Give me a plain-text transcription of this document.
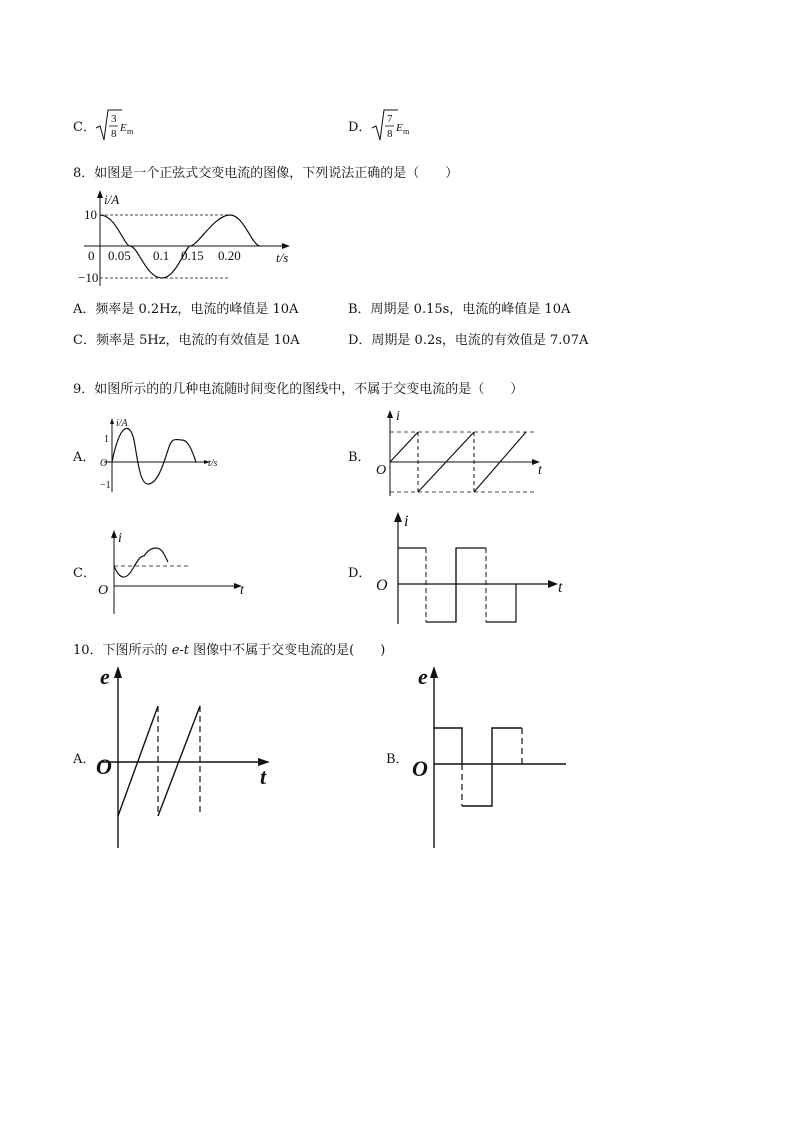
C．
3
8 E m	D．
7
8 E m
8．如图是一个正弦式交变电流的图像，下列说法正确的是（　　）
i/A
10
−10
0 0.05 0.1 0.15 0.20	t/s
A．频率是 0.2Hz，电流的峰值是 10A	B．周期是 0.15s，电流的峰值是 10A
C．频率是 5Hz，电流的有效值是 10A	D．周期是 0.2s，电流的有效值是 7.07A
9．如图所示的的几种电流随时间变化的图线中，不属于交变电流的是（　　）
A．
i/A
1
−1
O	t/s	B．
i
O	t
C．
i
O	t
D．
i
O	t
10．下图所示的 e-t 图像中不属于交变电流的是(　　)
A．
e
O	t
B．
e
O
